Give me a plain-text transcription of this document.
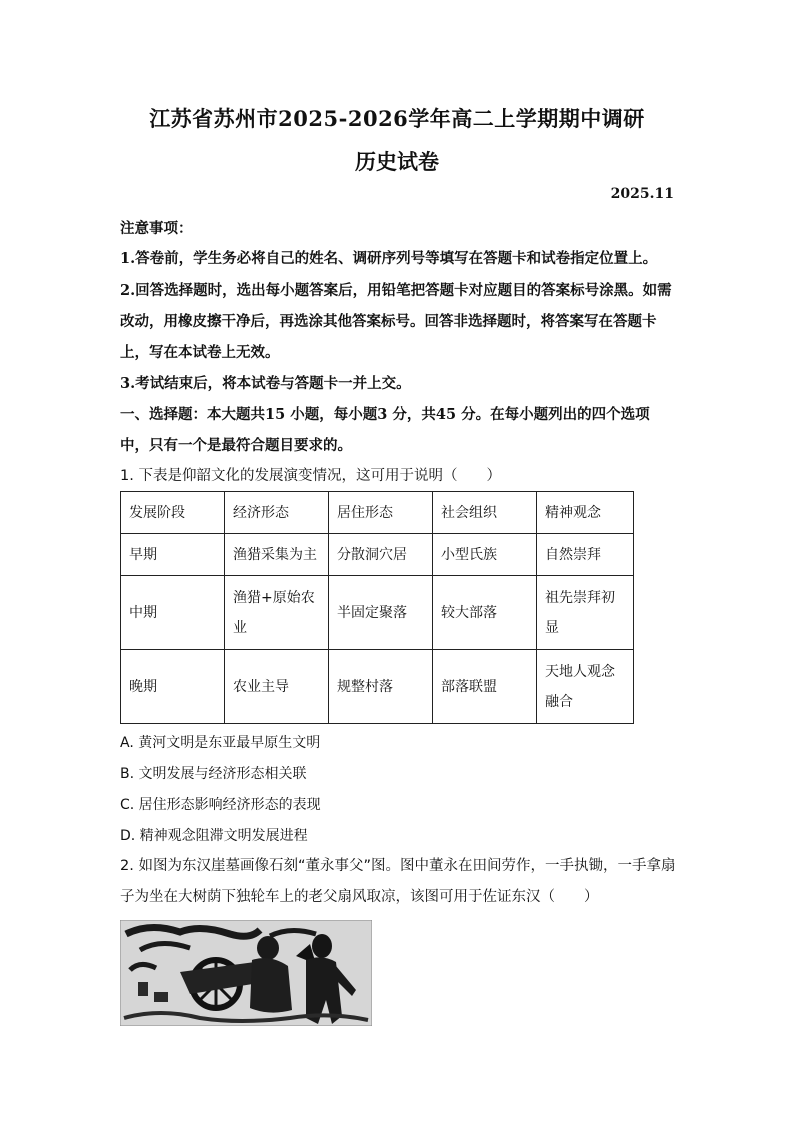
江苏省苏州市2025-2026学年高二上学期期中调研
历史试卷
2025.11
注意事项：
1.答卷前，学生务必将自己的姓名、调研序列号等填写在答题卡和试卷指定位置上。
2.回答选择题时，选出每小题答案后，用铅笔把答题卡对应题目的答案标号涂黑。如需改动，用橡皮擦干净后，再选涂其他答案标号。回答非选择题时，将答案写在答题卡上，写在本试卷上无效。
3.考试结束后，将本试卷与答题卡一并上交。
一、选择题：本大题共15 小题，每小题3 分，共45 分。在每小题列出的四个选项中，只有一个是最符合题目要求的。
1. 下表是仰韶文化的发展演变情况，这可用于说明（　　）
发展阶段	经济形态	居住形态	社会组织	精神观念
早期	渔猎采集为主	分散洞穴居	小型氏族	自然崇拜
中期	渔猎+原始农业	半固定聚落	较大部落	祖先崇拜初显
晚期	农业主导	规整村落	部落联盟	天地人观念融合
A. 黄河文明是东亚最早原生文明
B. 文明发展与经济形态相关联
C. 居住形态影响经济形态的表现
D. 精神观念阻滞文明发展进程
2. 如图为东汉崖墓画像石刻“董永事父”图。图中董永在田间劳作，一手执锄，一手拿扇子为坐在大树荫下独轮车上的老父扇风取凉，该图可用于佐证东汉（　　）
